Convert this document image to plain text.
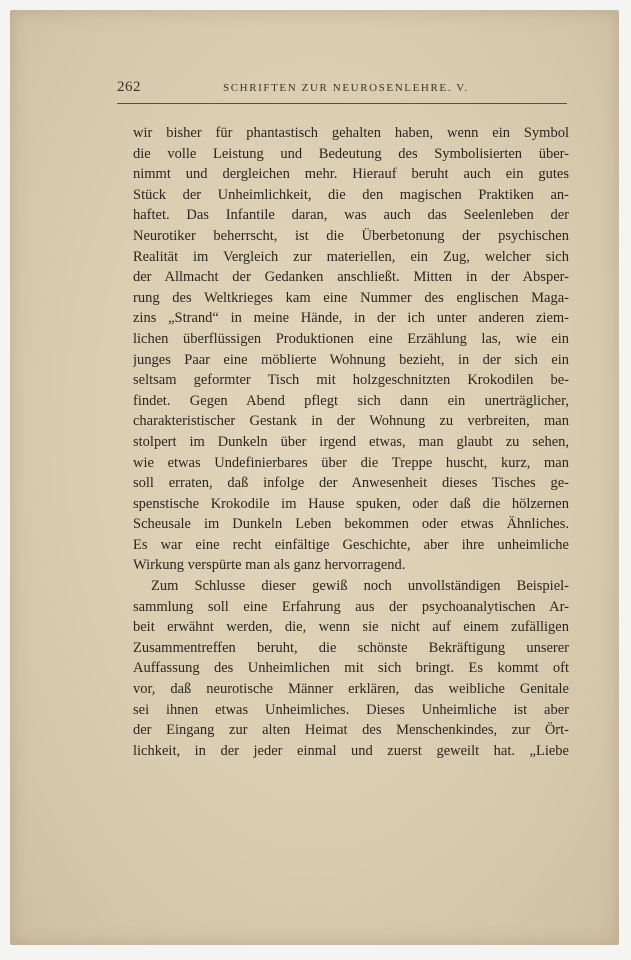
262	SCHRIFTEN ZUR NEUROSENLEHRE. V.
wir bisher für phantastisch gehalten haben, wenn ein Symbol
die volle Leistung und Bedeutung des Symbolisierten über-
nimmt und dergleichen mehr. Hierauf beruht auch ein gutes
Stück der Unheimlichkeit, die den magischen Praktiken an-
haftet. Das Infantile daran, was auch das Seelenleben der
Neurotiker beherrscht, ist die Überbetonung der psychischen
Realität im Vergleich zur materiellen, ein Zug, welcher sich
der Allmacht der Gedanken anschließt. Mitten in der Absper-
rung des Weltkrieges kam eine Nummer des englischen Maga-
zins „Strand“ in meine Hände, in der ich unter anderen ziem-
lichen überflüssigen Produktionen eine Erzählung las, wie ein
junges Paar eine möblierte Wohnung bezieht, in der sich ein
seltsam geformter Tisch mit holzgeschnitzten Krokodilen be-
findet. Gegen Abend pflegt sich dann ein unerträglicher,
charakteristischer Gestank in der Wohnung zu verbreiten, man
stolpert im Dunkeln über irgend etwas, man glaubt zu sehen,
wie etwas Undefinierbares über die Treppe huscht, kurz, man
soll erraten, daß infolge der Anwesenheit dieses Tisches ge-
spenstische Krokodile im Hause spuken, oder daß die hölzernen
Scheusale im Dunkeln Leben bekommen oder etwas Ähnliches.
Es war eine recht einfältige Geschichte, aber ihre unheimliche
Wirkung verspürte man als ganz hervorragend.
Zum Schlusse dieser gewiß noch unvollständigen Beispiel-
sammlung soll eine Erfahrung aus der psychoanalytischen Ar-
beit erwähnt werden, die, wenn sie nicht auf einem zufälligen
Zusammentreffen beruht, die schönste Bekräftigung unserer
Auffassung des Unheimlichen mit sich bringt. Es kommt oft
vor, daß neurotische Männer erklären, das weibliche Genitale
sei ihnen etwas Unheimliches. Dieses Unheimliche ist aber
der Eingang zur alten Heimat des Menschenkindes, zur Ört-
lichkeit, in der jeder einmal und zuerst geweilt hat. „Liebe
